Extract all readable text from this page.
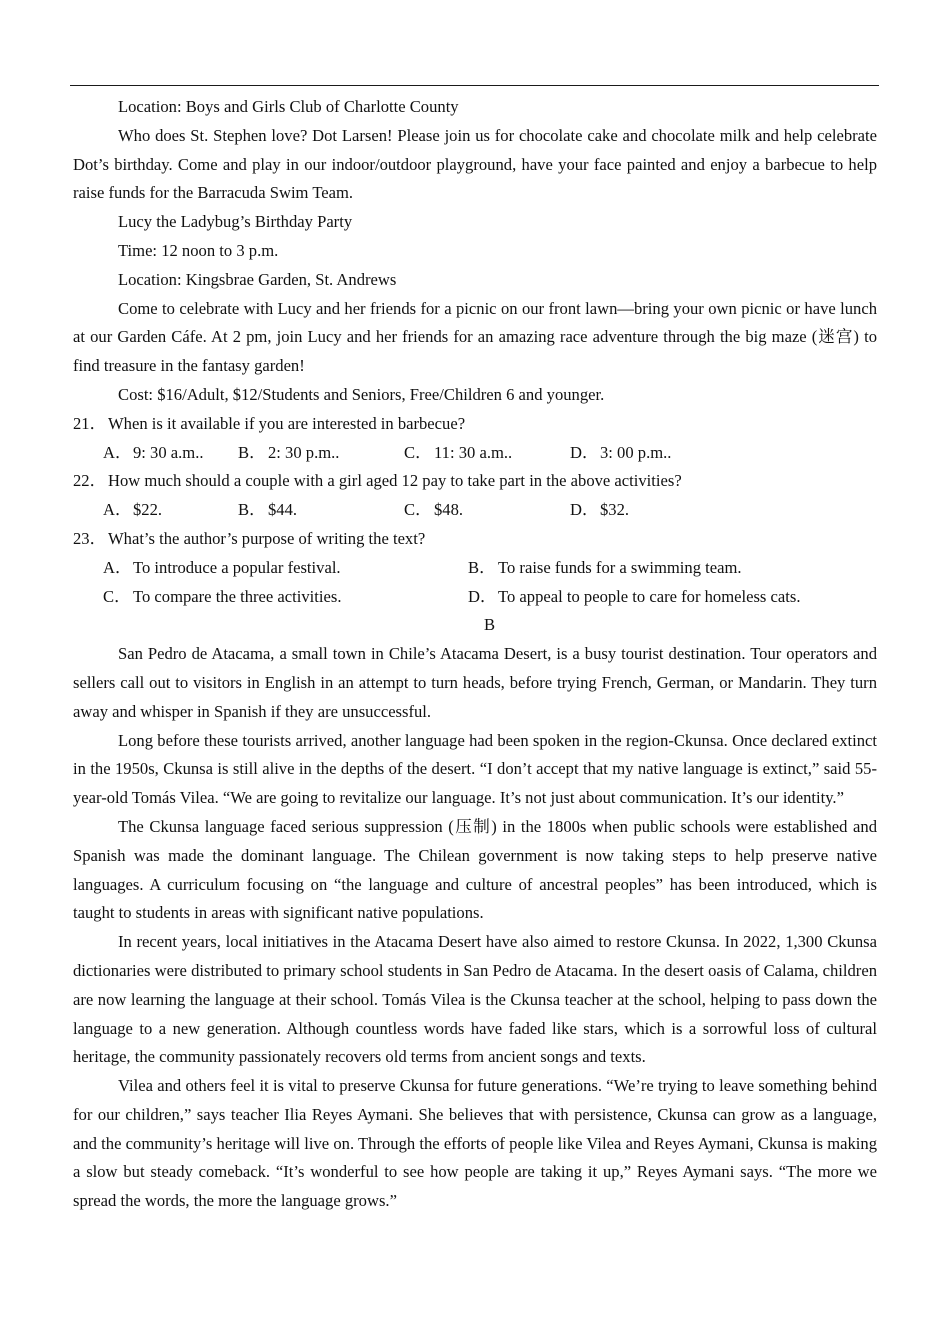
Location: Boys and Girls Club of Charlotte County

Who does St. Stephen love? Dot Larsen! Please join us for chocolate cake and chocolate milk and help celebrate Dot’s birthday. Come and play in our indoor/outdoor playground, have your face painted and enjoy a barbecue to help raise funds for the Barracuda Swim Team.

Lucy the Ladybug’s Birthday Party
Time: 12 noon to 3 p.m.
Location: Kingsbrae Garden, St. Andrews

Come to celebrate with Lucy and her friends for a picnic on our front lawn—bring your own picnic or have lunch at our Garden Cáfe. At 2 pm, join Lucy and her friends for an amazing race adventure through the big maze (迷宫) to find treasure in the fantasy garden!

Cost: $16/Adult, $12/Students and Seniors, Free/Children 6 and younger.
21． When is it available if you are interested in barbecue?
A．9: 30 a.m.. B． 2: 30 p.m..	C． 11: 30 a.m..	D．3: 00 p.m..
22． How much should a couple with a girl aged 12 pay to take part in the above activities?
A．$22.	B． $44.	C． $48.	D．$32.
23． What’s the author’s purpose of writing the text?
A．To introduce a popular festival.	B． To raise funds for a swimming team.
C． To compare the three activities.	D．To appeal to people to care for homeless cats.
B

San Pedro de Atacama, a small town in Chile’s Atacama Desert, is a busy tourist destination. Tour operators and sellers call out to visitors in English in an attempt to turn heads, before trying French, German, or Mandarin. They turn away and whisper in Spanish if they are unsuccessful.

Long before these tourists arrived, another language had been spoken in the region-Ckunsa. Once declared extinct in the 1950s, Ckunsa is still alive in the depths of the desert. “I don’t accept that my native language is extinct,” said 55-year-old Tomás Vilea. “We are going to revitalize our language. It’s not just about communication. It’s our identity.”

The Ckunsa language faced serious suppression (压制) in the 1800s when public schools were established and Spanish was made the dominant language. The Chilean government is now taking steps to help preserve native languages. A curriculum focusing on “the language and culture of ancestral peoples” has been introduced, which is taught to students in areas with significant native populations.

In recent years, local initiatives in the Atacama Desert have also aimed to restore Ckunsa. In 2022, 1,300 Ckunsa dictionaries were distributed to primary school students in San Pedro de Atacama. In the desert oasis of Calama, children are now learning the language at their school. Tomás Vilea is the Ckunsa teacher at the school, helping to pass down the language to a new generation. Although countless words have faded like stars, which is a sorrowful loss of cultural heritage, the community passionately recovers old terms from ancient songs and texts.

Vilea and others feel it is vital to preserve Ckunsa for future generations. “We’re trying to leave something behind for our children,” says teacher Ilia Reyes Aymani. She believes that with persistence, Ckunsa can grow as a language, and the community’s heritage will live on. Through the efforts of people like Vilea and Reyes Aymani, Ckunsa is making a slow but steady comeback. “It’s wonderful to see how people are taking it up,” Reyes Aymani says. “The more we spread the words, the more the language grows.”
